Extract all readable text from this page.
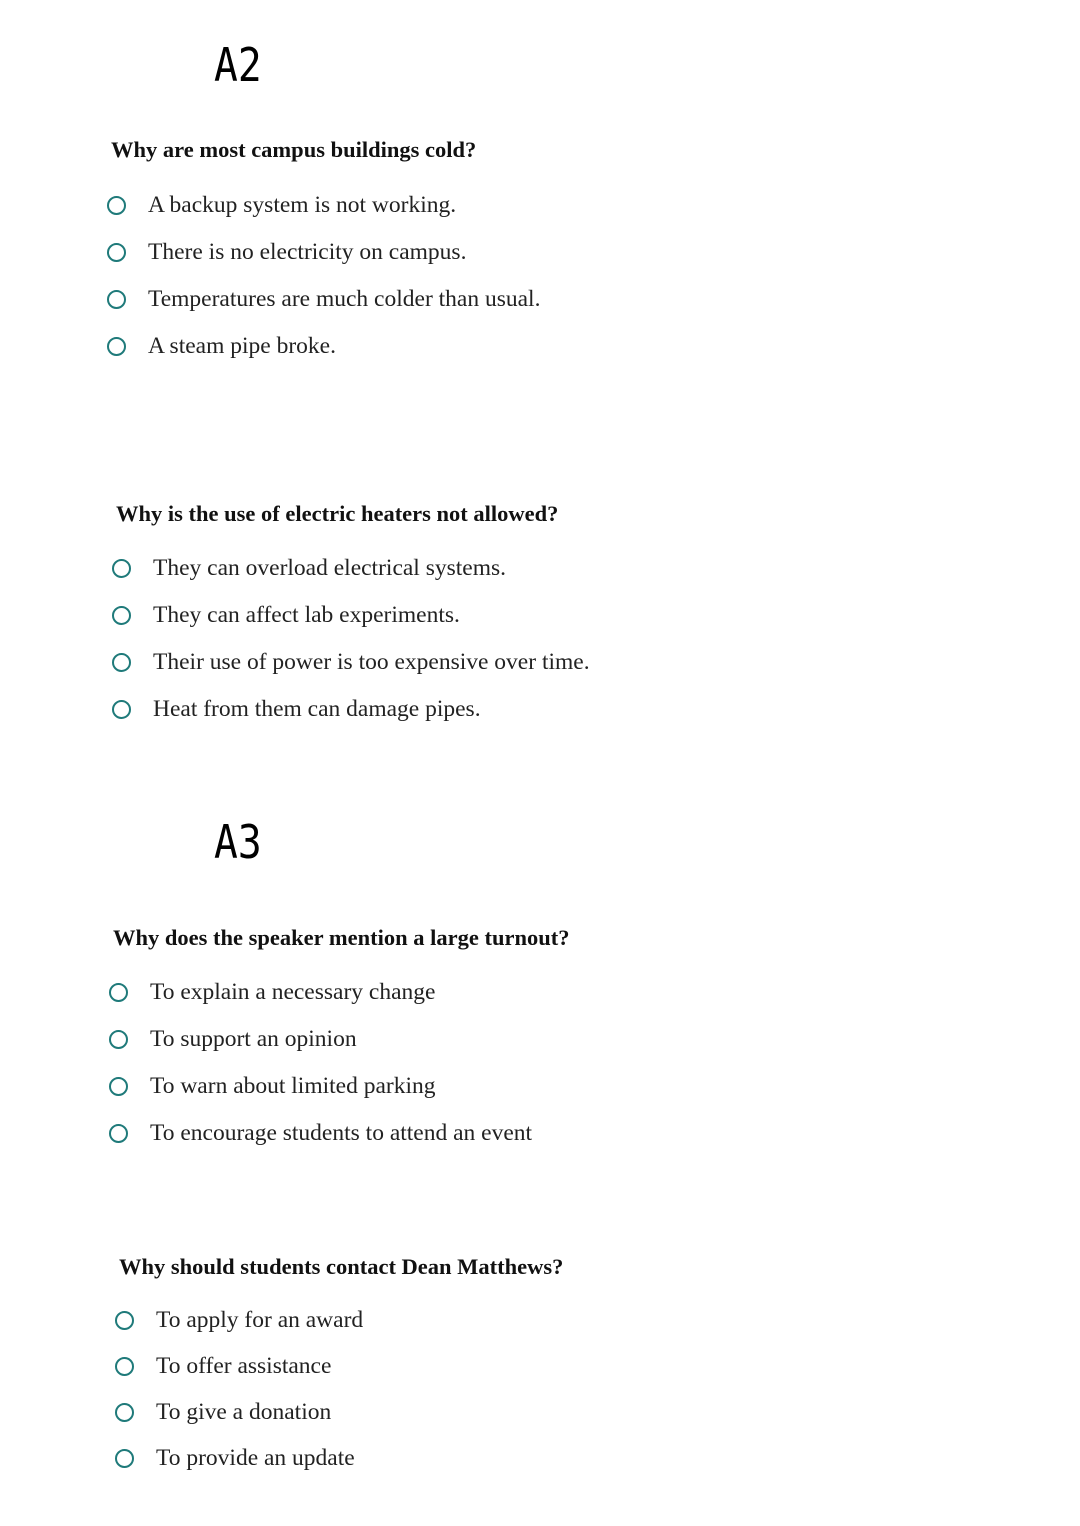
A2

Why are most campus buildings cold?

A backup system is not working.
There is no electricity on campus.
Temperatures are much colder than usual.
A steam pipe broke.

Why is the use of electric heaters not allowed?

They can overload electrical systems.
They can affect lab experiments.
Their use of power is too expensive over time.
Heat from them can damage pipes.
A3

Why does the speaker mention a large turnout?

To explain a necessary change
To support an opinion
To warn about limited parking
To encourage students to attend an event

Why should students contact Dean Matthews?

To apply for an award
To offer assistance
To give a donation
To provide an update
